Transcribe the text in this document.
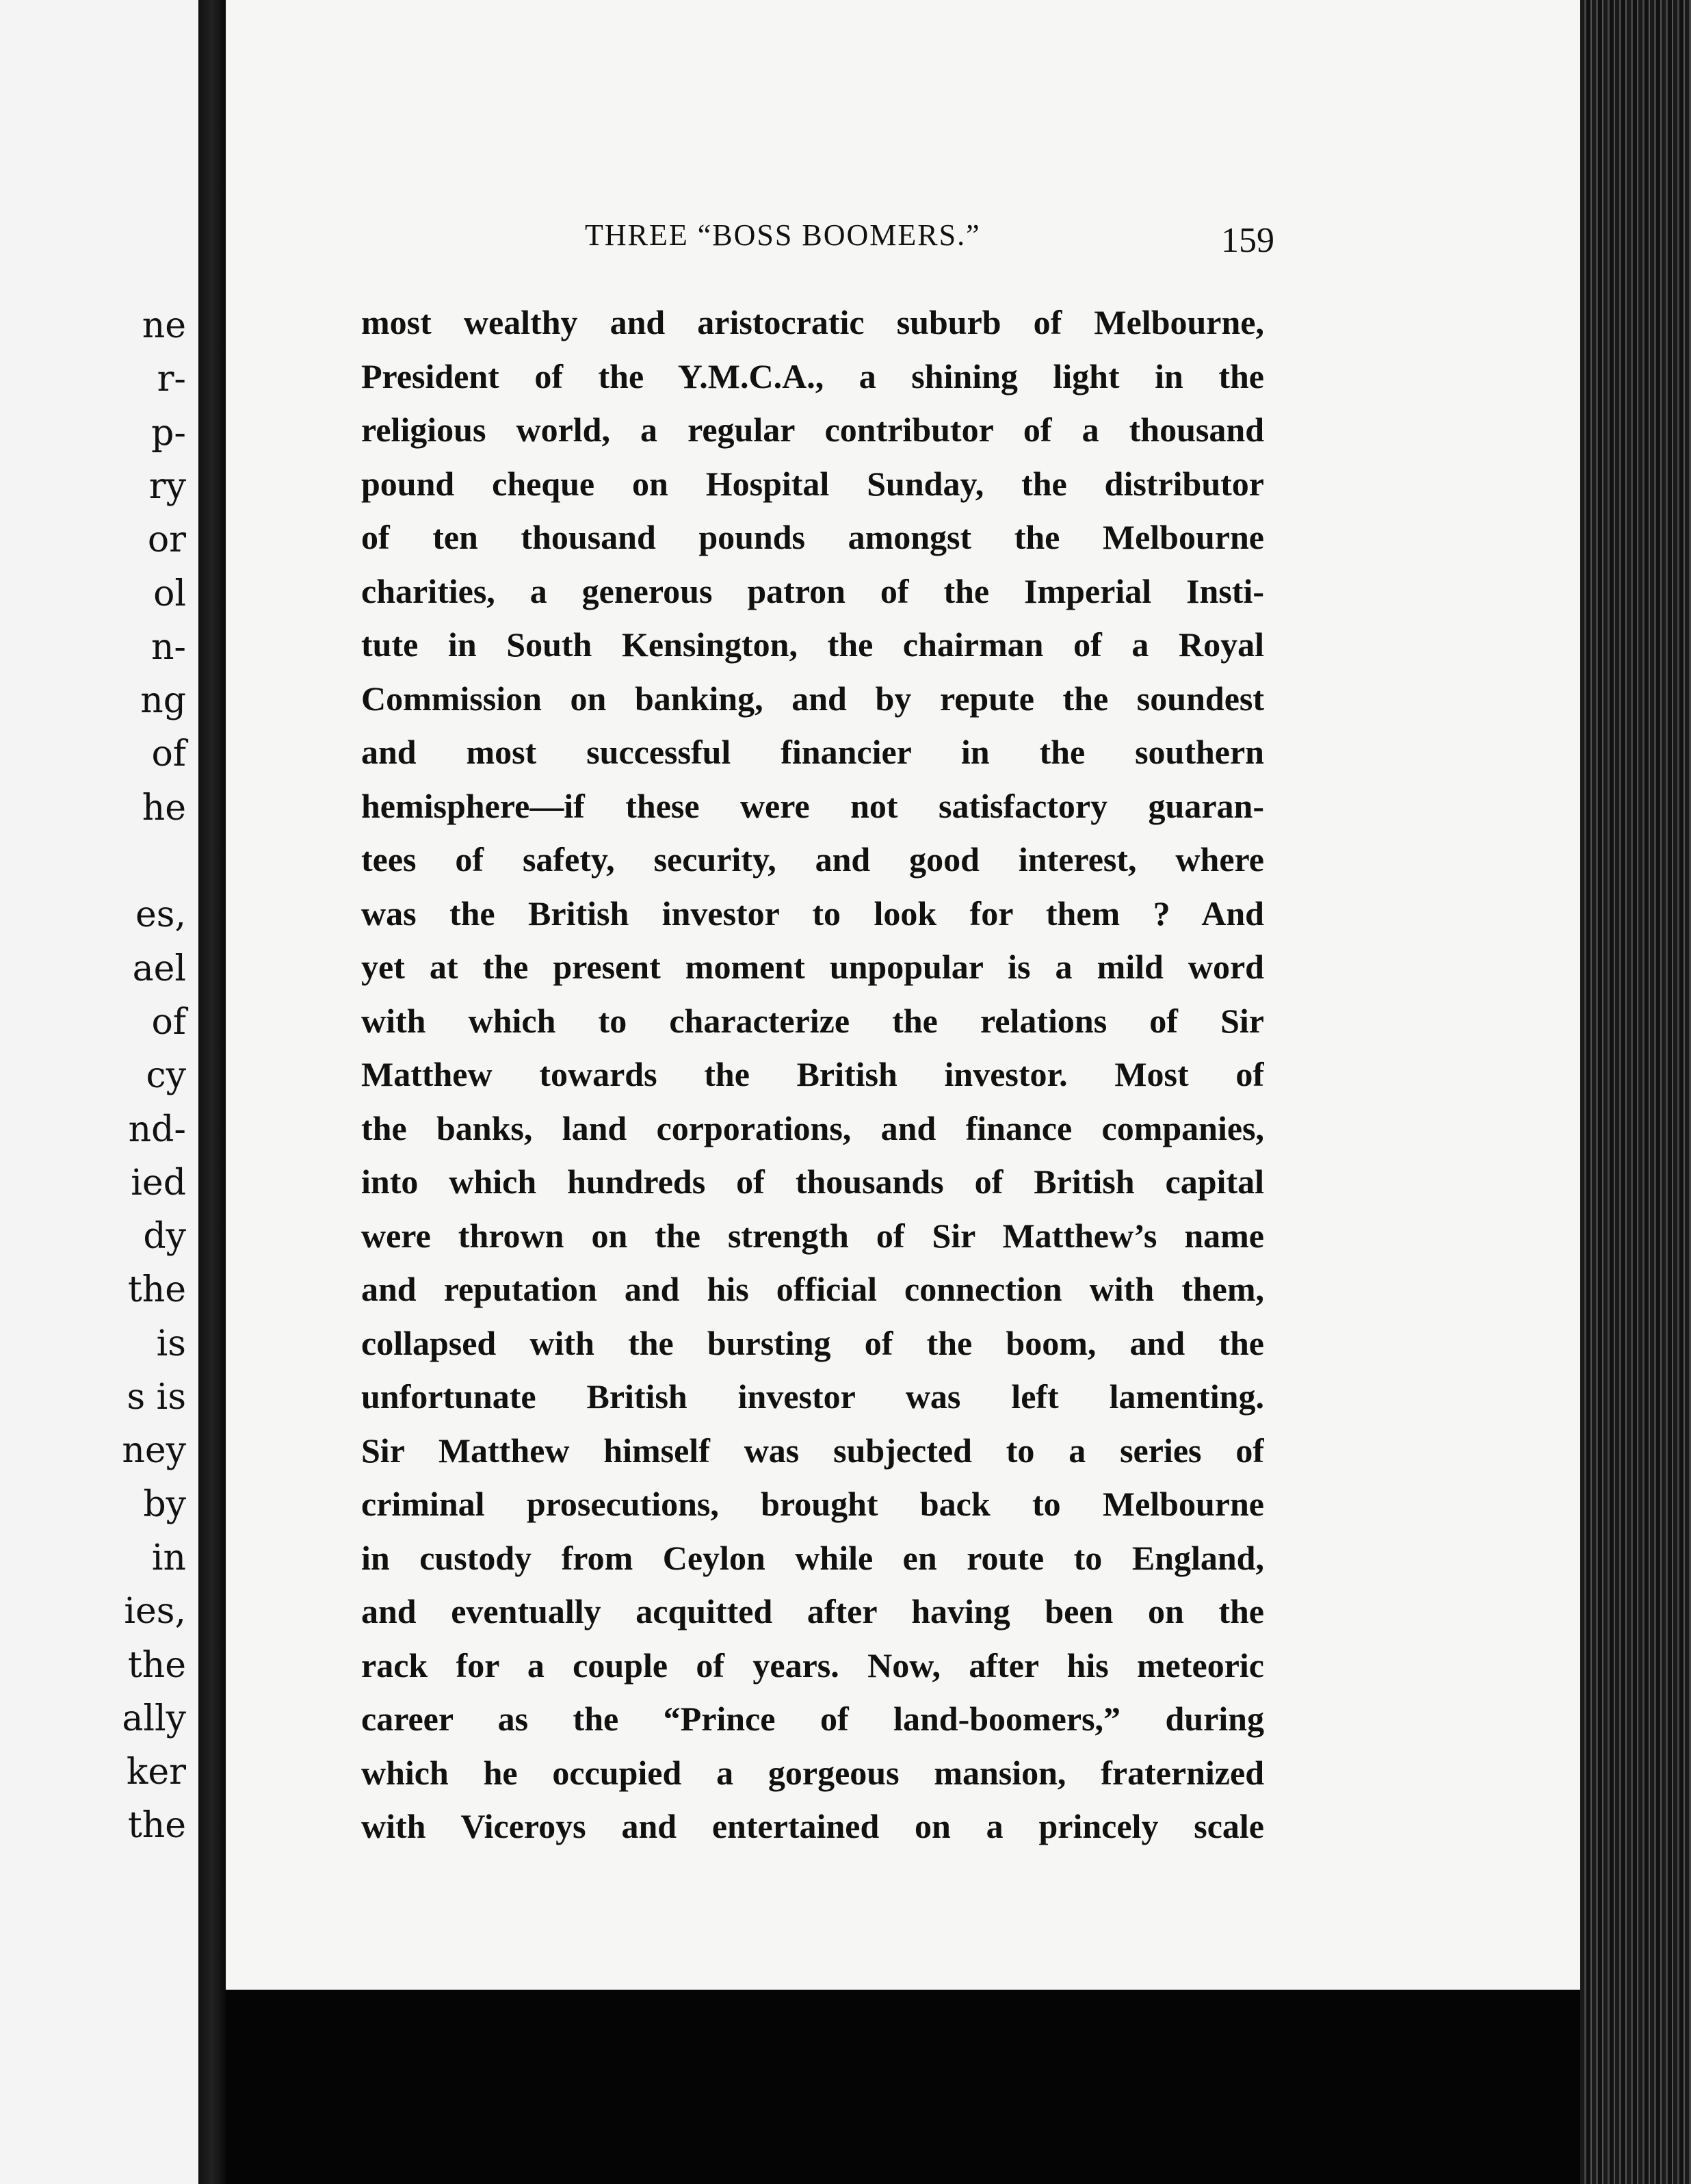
ne
r-
p-
ry
or
ol
n-
ng
of
he
es,
ael
of
cy
nd-
ied
dy
the
is
s is
ney
by
in
ies,
the
ally
ker
the
THREE “BOSS BOOMERS.”	159
most wealthy and aristocratic suburb of Melbourne,
President of the Y.M.C.A., a shining light in the
religious world, a regular contributor of a thousand
pound cheque on Hospital Sunday, the distributor
of ten thousand pounds amongst the Melbourne
charities, a generous patron of the Imperial Insti-
tute in South Kensington, the chairman of a Royal
Commission on banking, and by repute the soundest
and most successful financier in the southern
hemisphere—if these were not satisfactory guaran-
tees of safety, security, and good interest, where
was the British investor to look for them ? And
yet at the present moment unpopular is a mild word
with which to characterize the relations of Sir
Matthew towards the British investor. Most of
the banks, land corporations, and finance companies,
into which hundreds of thousands of British capital
were thrown on the strength of Sir Matthew’s name
and reputation and his official connection with them,
collapsed with the bursting of the boom, and the
unfortunate British investor was left lamenting.
Sir Matthew himself was subjected to a series of
criminal prosecutions, brought back to Melbourne
in custody from Ceylon while en route to England,
and eventually acquitted after having been on the
rack for a couple of years. Now, after his meteoric
career as the “Prince of land-boomers,” during
which he occupied a gorgeous mansion, fraternized
with Viceroys and entertained on a princely scale
